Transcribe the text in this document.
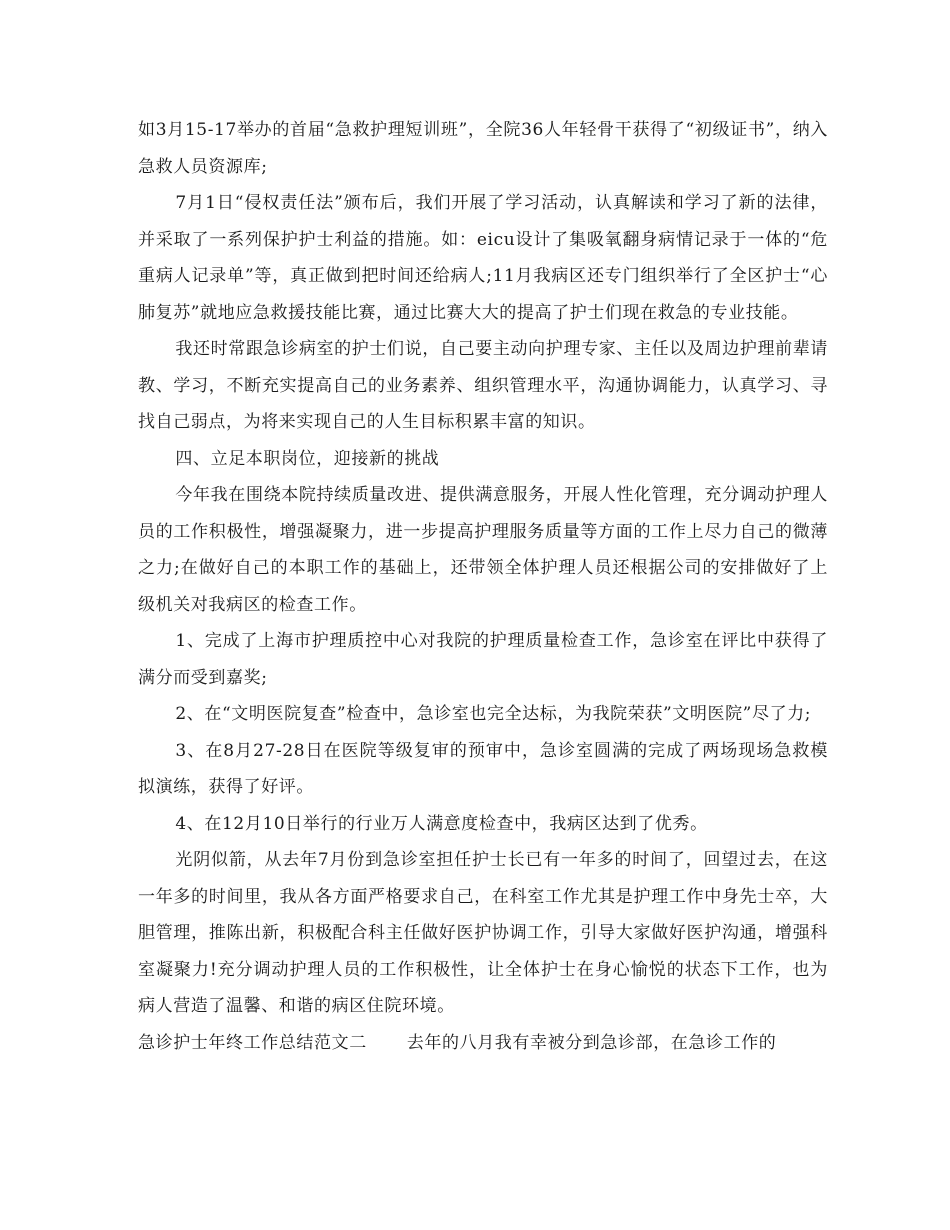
如3月15-17举办的首届“急救护理短训班”，全院36人年轻骨干获得了“初级证书”，纳入急救人员资源库;

7月1日“侵权责任法”颁布后，我们开展了学习活动，认真解读和学习了新的法律，并采取了一系列保护护士利益的措施。如：eicu设计了集吸氧翻身病情记录于一体的“危重病人记录单”等，真正做到把时间还给病人;11月我病区还专门组织举行了全区护士“心肺复苏”就地应急救援技能比赛，通过比赛大大的提高了护士们现在救急的专业技能。

我还时常跟急诊病室的护士们说，自己要主动向护理专家、主任以及周边护理前辈请教、学习，不断充实提高自己的业务素养、组织管理水平，沟通协调能力，认真学习、寻找自己弱点，为将来实现自己的人生目标积累丰富的知识。

四、立足本职岗位，迎接新的挑战

今年我在围绕本院持续质量改进、提供满意服务，开展人性化管理，充分调动护理人员的工作积极性，增强凝聚力，进一步提高护理服务质量等方面的工作上尽力自己的微薄之力;在做好自己的本职工作的基础上，还带领全体护理人员还根据公司的安排做好了上级机关对我病区的检查工作。

1、完成了上海市护理质控中心对我院的护理质量检查工作，急诊室在评比中获得了满分而受到嘉奖;

2、在“文明医院复查”检查中，急诊室也完全达标，为我院荣获”文明医院”尽了力;

3、在8月27-28日在医院等级复审的预审中，急诊室圆满的完成了两场现场急救模拟演练，获得了好评。

4、在12月10日举行的行业万人满意度检查中，我病区达到了优秀。

光阴似箭，从去年7月份到急诊室担任护士长已有一年多的时间了，回望过去，在这一年多的时间里，我从各方面严格要求自己，在科室工作尤其是护理工作中身先士卒，大胆管理，推陈出新，积极配合科主任做好医护协调工作，引导大家做好医护沟通，增强科室凝聚力!充分调动护理人员的工作积极性，让全体护士在身心愉悦的状态下工作，也为病人营造了温馨、和谐的病区住院环境。

急诊护士年终工作总结范文二 去年的八月我有幸被分到急诊部，在急诊工作的
